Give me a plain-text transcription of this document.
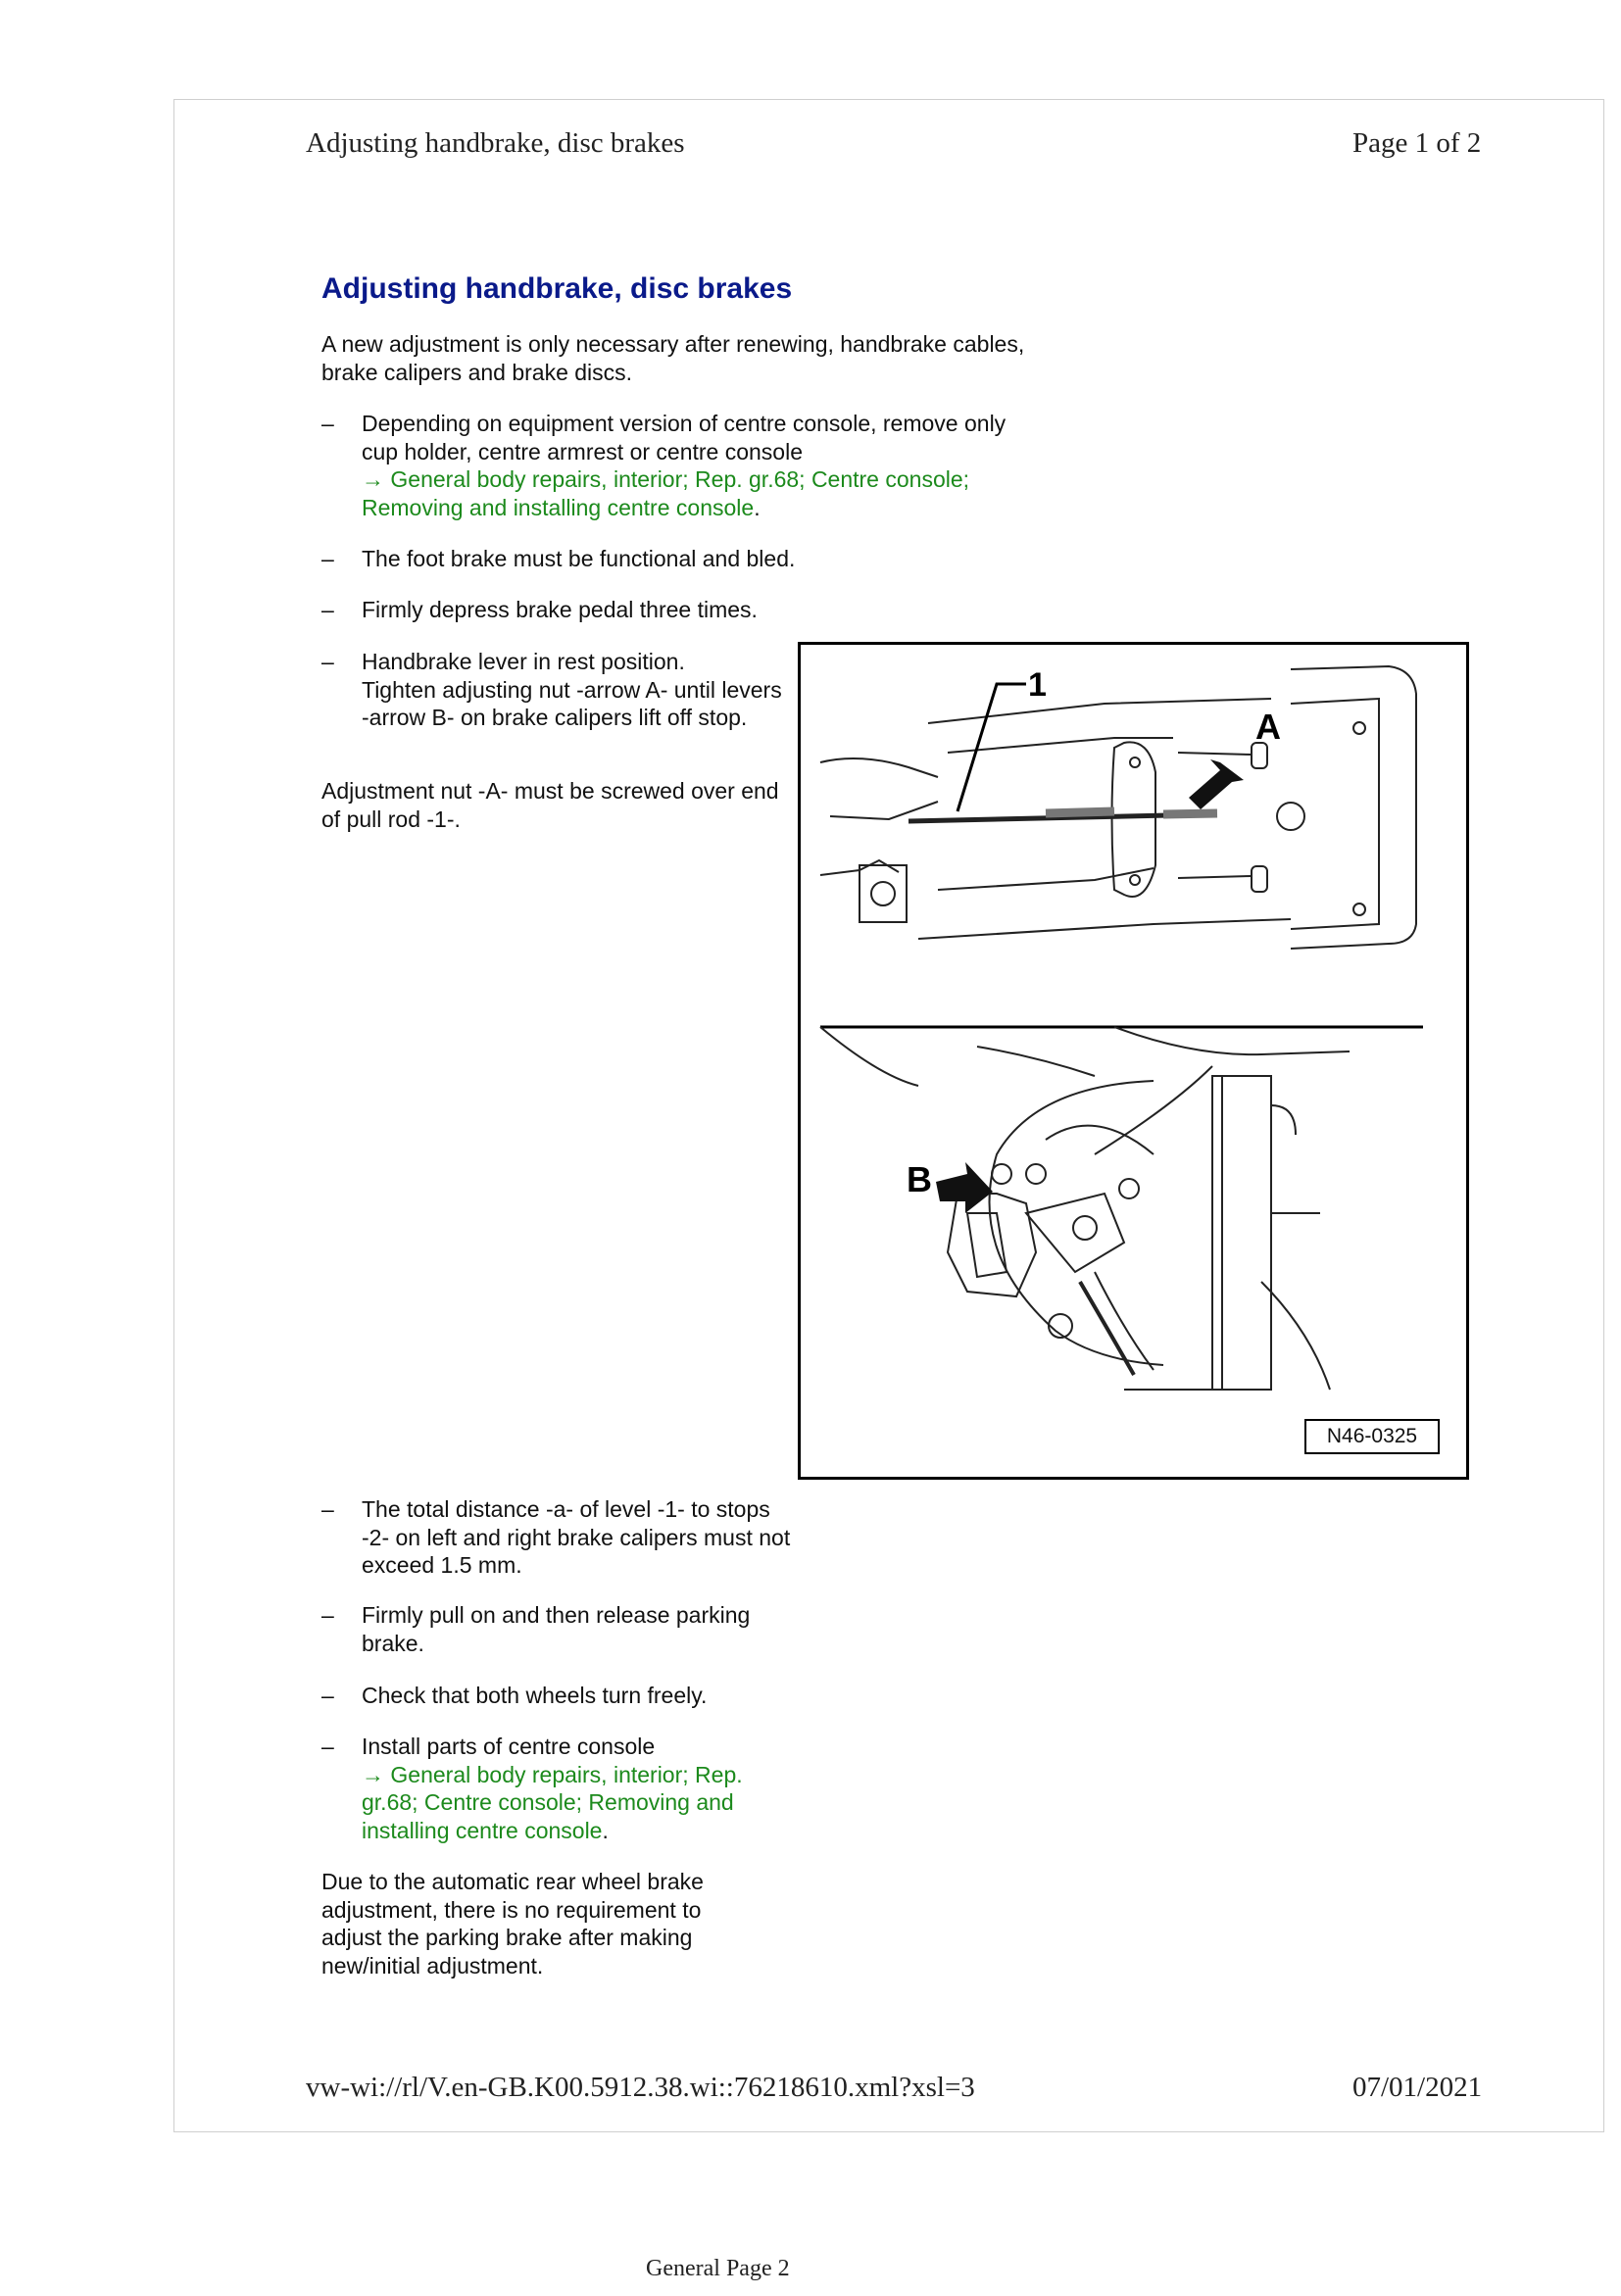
Adjusting handbrake, disc brakes	Page 1 of 2
Adjusting handbrake, disc brakes

A new adjustment is only necessary after renewing, handbrake cables, brake calipers and brake discs.

– Depending on equipment version of centre console, remove only cup holder, centre armrest or centre console
→ General body repairs, interior; Rep. gr.68; Centre console; Removing and installing centre console.
– The foot brake must be functional and bled.
– Firmly depress brake pedal three times.
– Handbrake lever in rest position.
Tighten adjusting nut -arrow A- until levers -arrow B- on brake calipers lift off stop.

Adjustment nut -A- must be screwed over end of pull rod -1-.

1
A
B
N46-0325
– The total distance -a- of level -1- to stops -2- on left and right brake calipers must not exceed 1.5 mm.
– Firmly pull on and then release parking brake.
– Check that both wheels turn freely.
– Install parts of centre console
→ General body repairs, interior; Rep. gr.68; Centre console; Removing and installing centre console.

Due to the automatic rear wheel brake adjustment, there is no requirement to adjust the parking brake after making new/initial adjustment.

vw-wi://rl/V.en-GB.K00.5912.38.wi::76218610.xml?xsl=3	07/01/2021
General Page 2
